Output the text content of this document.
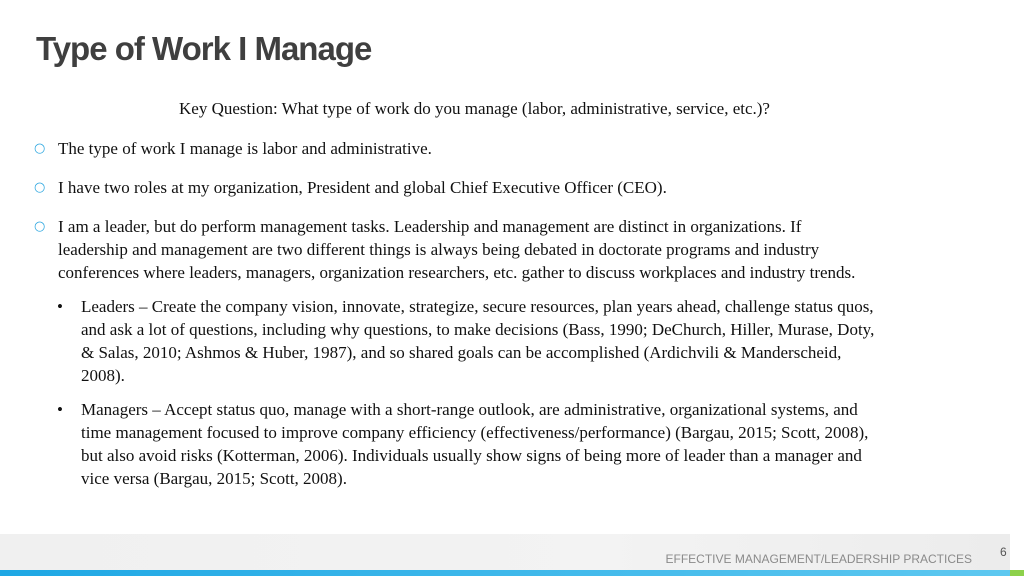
Type of Work I Manage
Key Question: What type of work do you manage (labor, administrative, service, etc.)?
○ The type of work I manage is labor and administrative.
○ I have two roles at my organization, President and global Chief Executive Officer (CEO).
○ I am a leader, but do perform management tasks. Leadership and management are distinct in organizations. If
leadership and management are two different things is always being debated in doctorate programs and industry
conferences where leaders, managers, organization researchers, etc. gather to discuss workplaces and industry trends.
• Leaders – Create the company vision, innovate, strategize, secure resources, plan years ahead, challenge status quos,
and ask a lot of questions, including why questions, to make decisions (Bass, 1990; DeChurch, Hiller, Murase, Doty,
& Salas, 2010; Ashmos & Huber, 1987), and so shared goals can be accomplished (Ardichvili & Manderscheid,
2008).
• Managers – Accept status quo, manage with a short-range outlook, are administrative, organizational systems, and
time management focused to improve company efficiency (effectiveness/performance) (Bargau, 2015; Scott, 2008),
but also avoid risks (Kotterman, 2006). Individuals usually show signs of being more of leader than a manager and
vice versa (Bargau, 2015; Scott, 2008).
EFFECTIVE MANAGEMENT/LEADERSHIP PRACTICES 6
